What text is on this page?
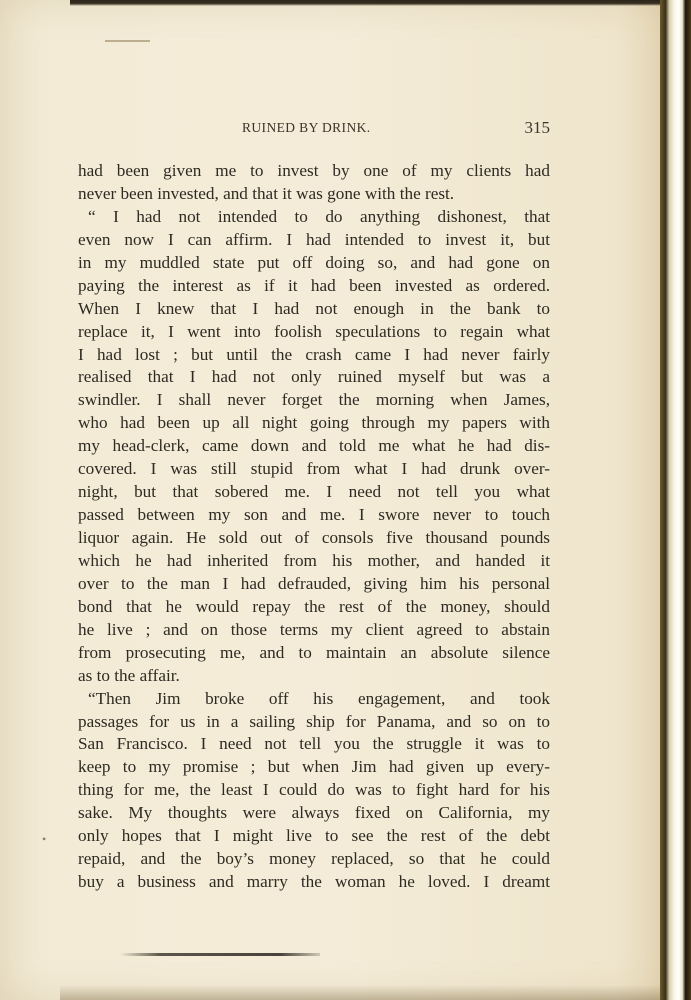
RUINED BY DRINK.	315
had been given me to invest by one of my clients had
never been invested, and that it was gone with the rest.
“ I had not intended to do anything dishonest, that
even now I can affirm. I had intended to invest it, but
in my muddled state put off doing so, and had gone on
paying the interest as if it had been invested as ordered.
When I knew that I had not enough in the bank to
replace it, I went into foolish speculations to regain what
I had lost ; but until the crash came I had never fairly
realised that I had not only ruined myself but was a
swindler. I shall never forget the morning when James,
who had been up all night going through my papers with
my head-clerk, came down and told me what he had dis-
covered. I was still stupid from what I had drunk over-
night, but that sobered me. I need not tell you what
passed between my son and me. I swore never to touch
liquor again. He sold out of consols five thousand pounds
which he had inherited from his mother, and handed it
over to the man I had defrauded, giving him his personal
bond that he would repay the rest of the money, should
he live ; and on those terms my client agreed to abstain
from prosecuting me, and to maintain an absolute silence
as to the affair.
“Then Jim broke off his engagement, and took
passages for us in a sailing ship for Panama, and so on to
San Francisco. I need not tell you the struggle it was to
keep to my promise ; but when Jim had given up every-
thing for me, the least I could do was to fight hard for his
sake. My thoughts were always fixed on California, my
only hopes that I might live to see the rest of the debt
repaid, and the boy’s money replaced, so that he could
buy a business and marry the woman he loved. I dreamt
•
